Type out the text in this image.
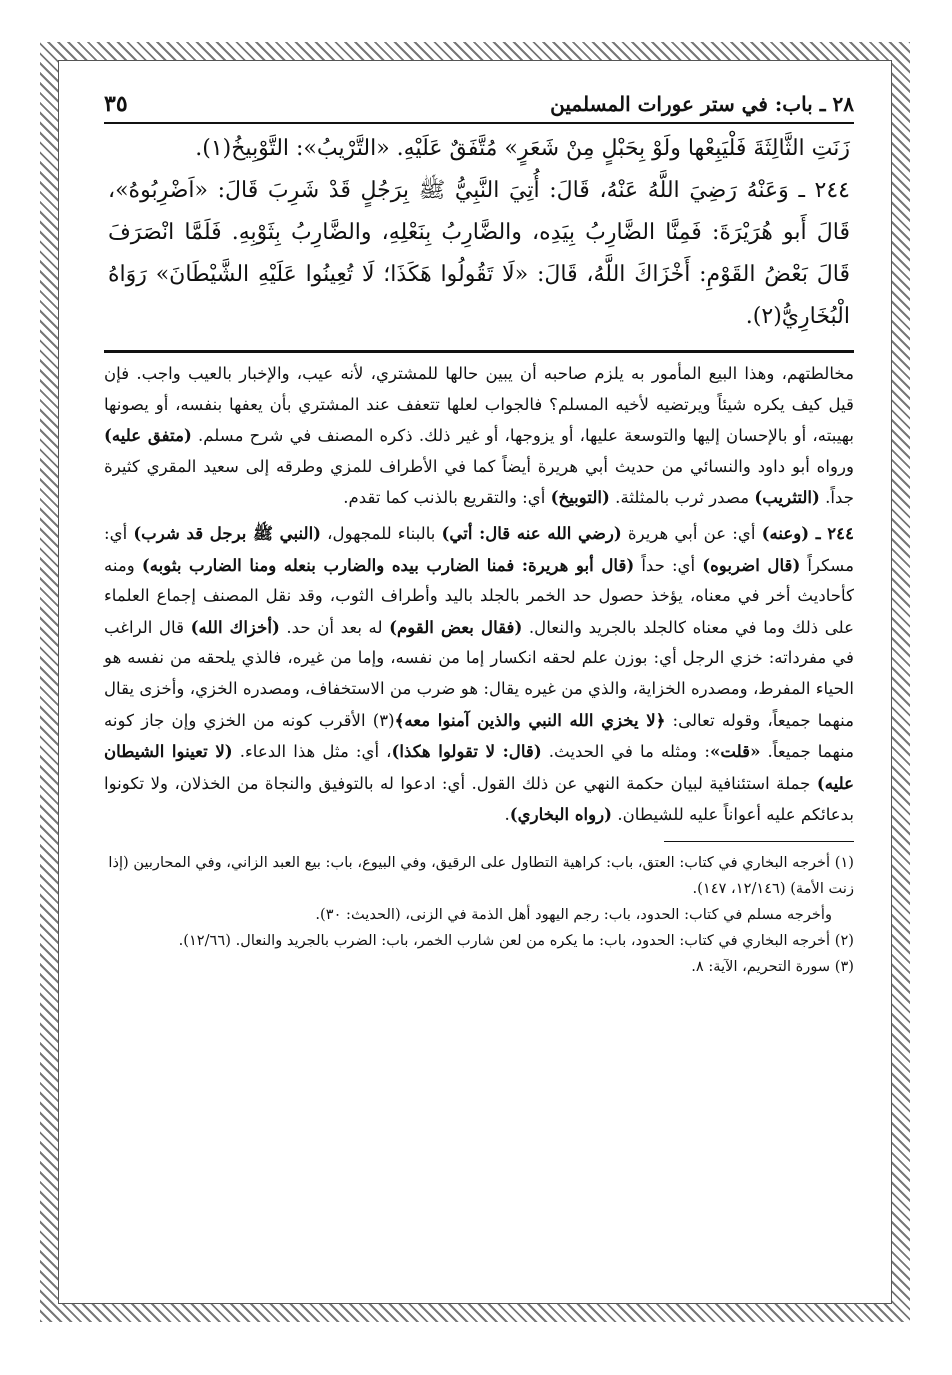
٢٨ ـ باب: في ستر عورات المسلمين
٣٥

زَنَتِ الثَّالِثَةَ فَلْيَبِعْها ولَوْ بِحَبْلٍ مِنْ شَعَرٍ» مُتَّفَقٌ عَلَيْهِ. «التَّرْيبُ»: التَّوْبِيخُ(١).

٢٤٤ ـ وَعَنْهُ رَضِيَ اللَّهُ عَنْهُ، قَالَ: أُتِيَ النَّبِيُّ ﷺ بِرَجُلٍ قَدْ شَرِبَ قَالَ: «اَضْرِبُوهُ»، قَالَ أَبو هُرَيْرَةَ: فَمِنَّا الضَّارِبُ بِيَدِه، والضَّارِبُ بِنَعْلِهِ، والضَّارِبُ بِثَوْبِهِ. فَلَمَّا انْصَرَفَ قَالَ بَعْضُ القَوْمِ: أَخْزَاكَ اللَّهُ، قَالَ: «لَا تَقُولُوا هَكَذَا؛ لَا تُعِينُوا عَلَيْهِ الشَّيْطَانَ» رَوَاهُ الْبُخَارِيُّ(٢).

مخالطتهم، وهذا البيع المأمور به يلزم صاحبه أن يبين حالها للمشتري، لأنه عيب، والإخبار بالعيب واجب. فإن قيل كيف يكره شيئاً ويرتضيه لأخيه المسلم؟ فالجواب لعلها تتعفف عند المشتري بأن يعفها بنفسه، أو يصونها بهيبته، أو بالإحسان إليها والتوسعة عليها، أو يزوجها، أو غير ذلك. ذكره المصنف في شرح مسلم. (متفق عليه) ورواه أبو داود والنسائي من حديث أبي هريرة أيضاً كما في الأطراف للمزي وطرقه إلى سعيد المقري كثيرة جداً. (التثريب) مصدر ثرب بالمثلثة. (التوبيخ) أي: والتقريع بالذنب كما تقدم.

٢٤٤ ـ (وعنه) أي: عن أبي هريرة (رضي الله عنه قال: أتي) بالبناء للمجهول، (النبي ﷺ برجل قد شرب) أي: مسكراً (قال اضربوه) أي: حداً (قال أبو هريرة: فمنا الضارب بيده والضارب بنعله ومنا الضارب بثوبه) ومنه كأحاديث أخر في معناه، يؤخذ حصول حد الخمر بالجلد باليد وأطراف الثوب، وقد نقل المصنف إجماع العلماء على ذلك وما في معناه كالجلد بالجريد والنعال. (فقال بعض القوم) له بعد أن حد. (أخزاك الله) قال الراغب في مفرداته: خزي الرجل أي: بوزن علم لحقه انكسار إما من نفسه، وإما من غيره، فالذي يلحقه من نفسه هو الحياء المفرط، ومصدره الخزاية، والذي من غيره يقال: هو ضرب من الاستخفاف، ومصدره الخزي، وأخزى يقال منهما جميعاً، وقوله تعالى: ﴿لا يخزي الله النبي والذين آمنوا معه﴾(٣) الأقرب كونه من الخزي وإن جاز كونه منهما جميعاً. «قلت»: ومثله ما في الحديث. (قال: لا تقولوا هكذا)، أي: مثل هذا الدعاء. (لا تعينوا الشيطان عليه) جملة استئنافية لبيان حكمة النهي عن ذلك القول. أي: ادعوا له بالتوفيق والنجاة من الخذلان، ولا تكونوا بدعائكم عليه أعواناً عليه للشيطان. (رواه البخاري).

(١) أخرجه البخاري في كتاب: العتق، باب: كراهية التطاول على الرقيق، وفي البيوع، باب: بيع العبد الزاني، وفي المحاربين (إذا زنت الأمة) (١٢/١٤٦، ١٤٧).

وأخرجه مسلم في كتاب: الحدود، باب: رجم اليهود أهل الذمة في الزنى، (الحديث: ٣٠).

(٢) أخرجه البخاري في كتاب: الحدود، باب: ما يكره من لعن شارب الخمر، باب: الضرب بالجريد والنعال. (١٢/٦٦).

(٣) سورة التحريم، الآية: ٨.
